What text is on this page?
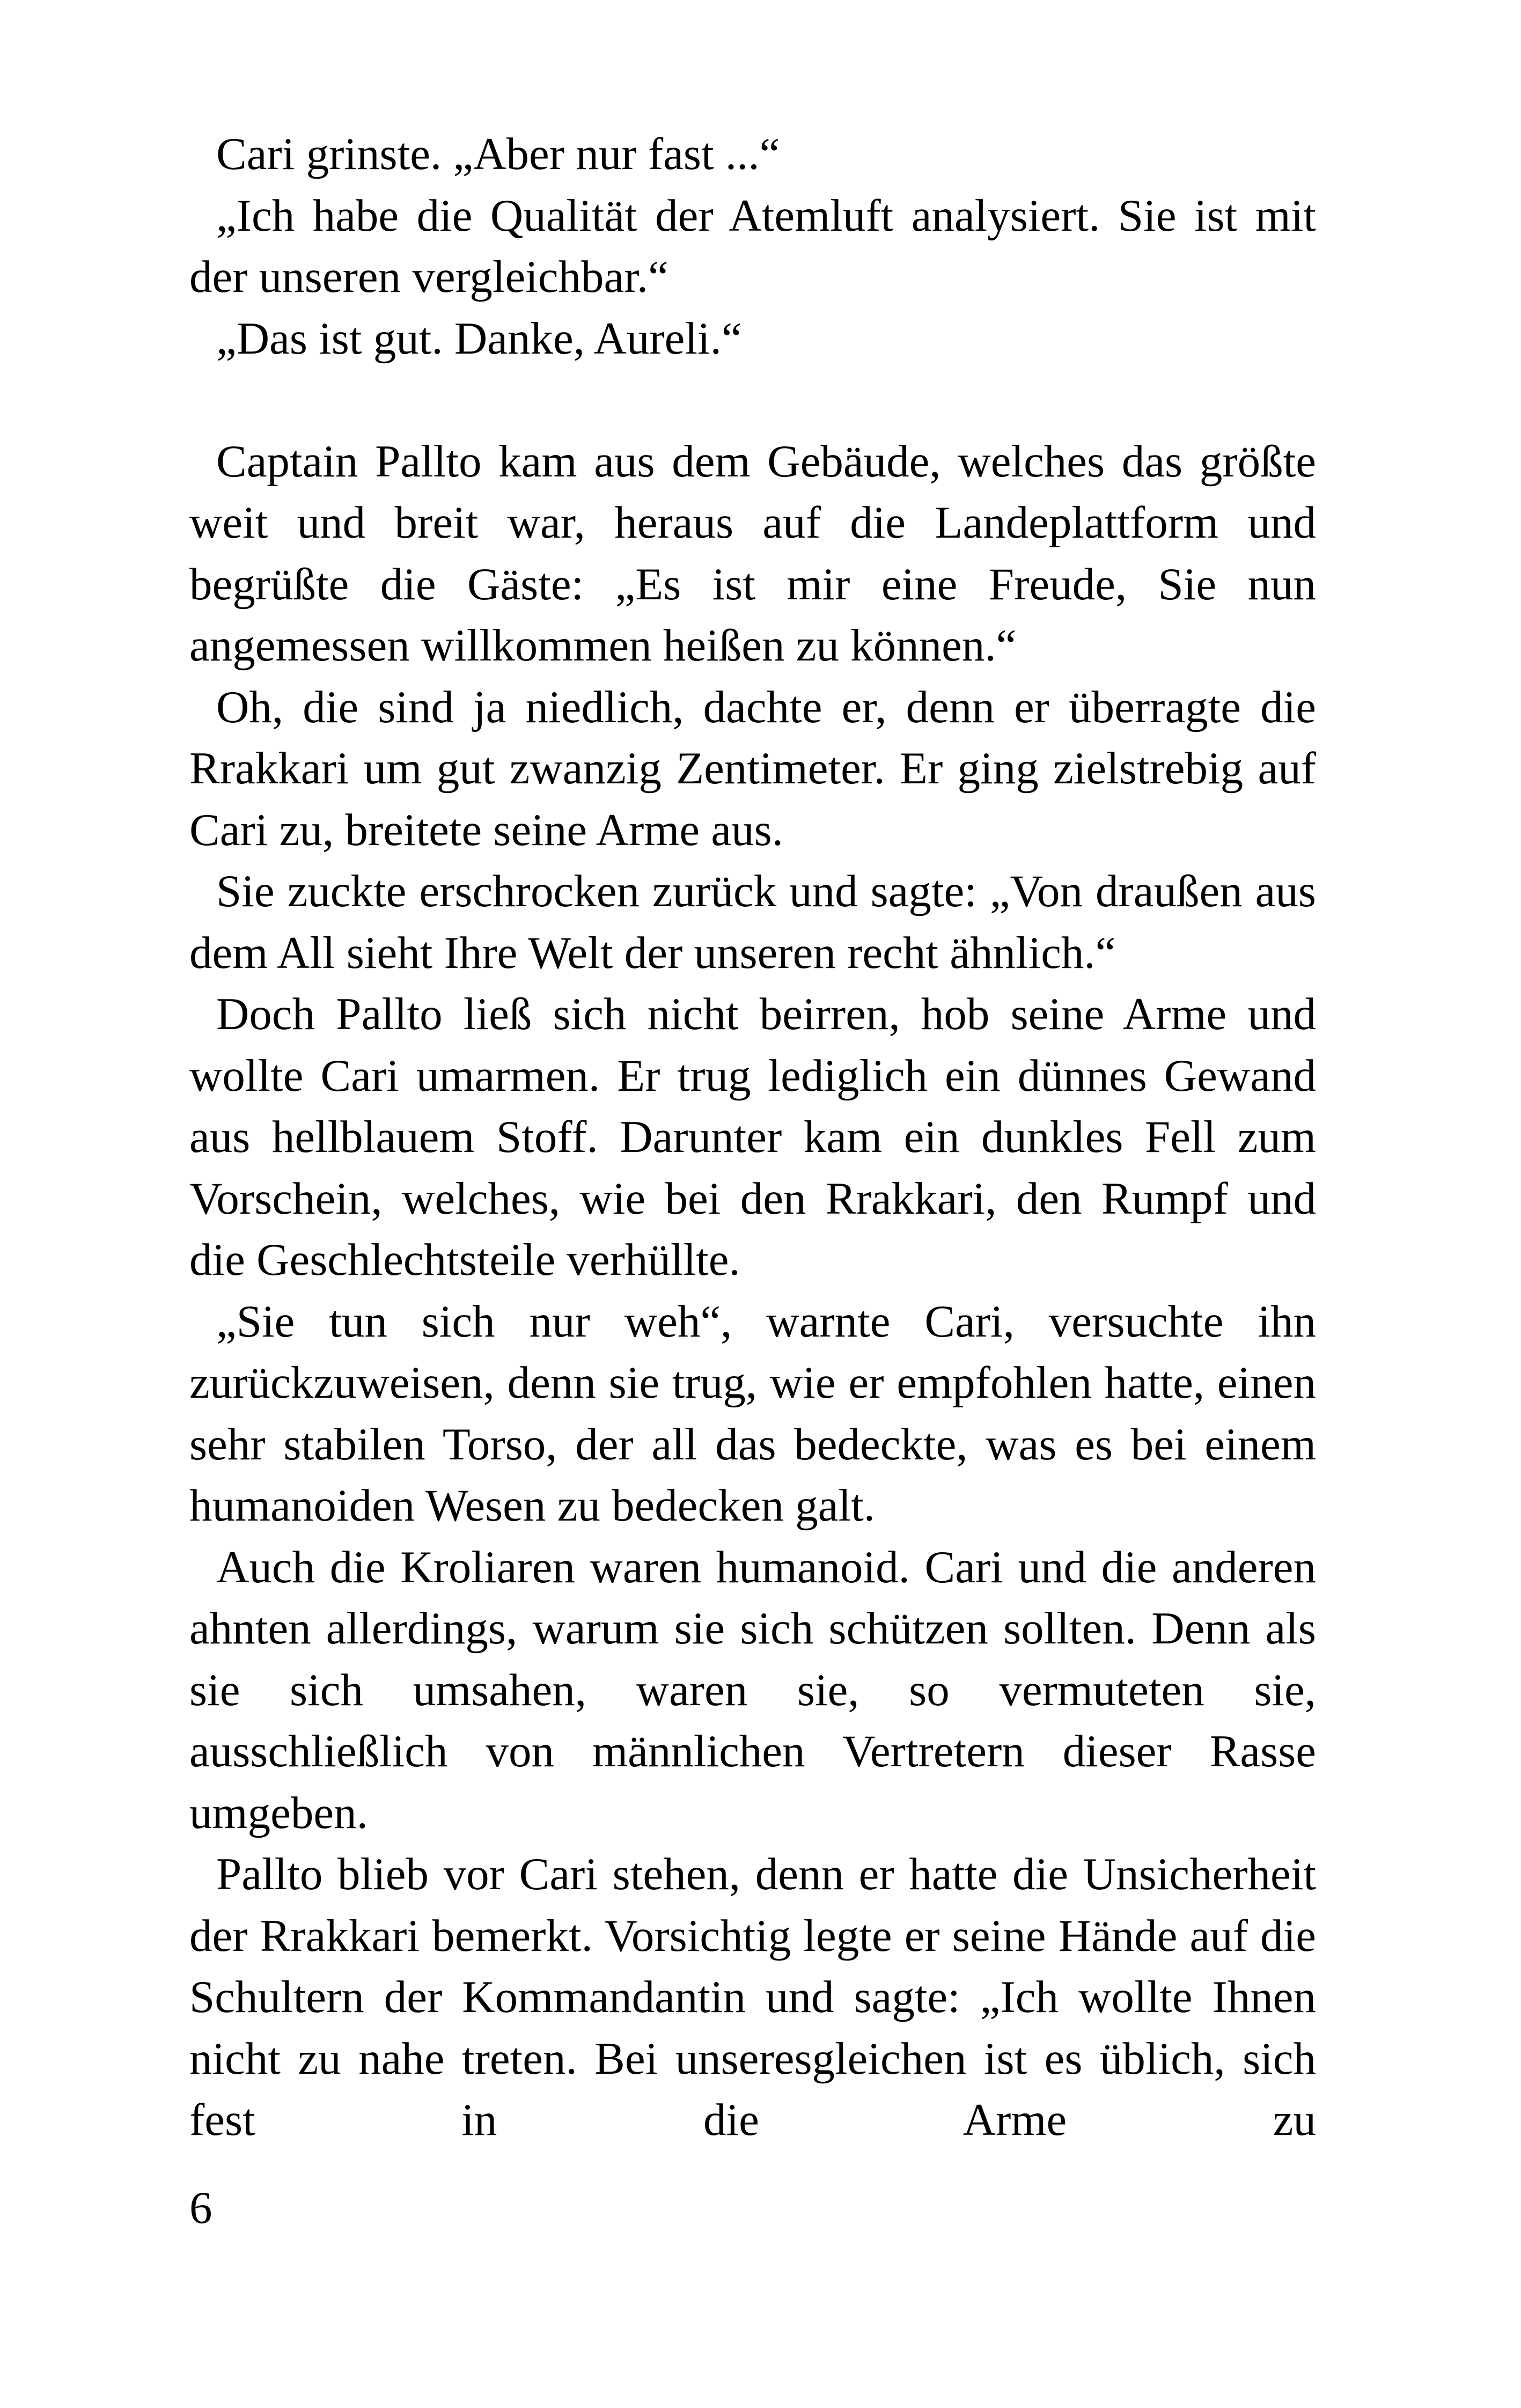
Cari grinste. „Aber nur fast ...“

„Ich habe die Qualität der Atemluft analysiert. Sie ist mit der unseren vergleichbar.“

„Das ist gut. Danke, Aureli.“

Captain Pallto kam aus dem Gebäude, welches das größte weit und breit war, heraus auf die Landeplattform und begrüßte die Gäste: „Es ist mir eine Freude, Sie nun angemessen willkommen heißen zu können.“

Oh, die sind ja niedlich, dachte er, denn er überragte die Rrakkari um gut zwanzig Zentimeter. Er ging zielstrebig auf Cari zu, breitete seine Arme aus.

Sie zuckte erschrocken zurück und sagte: „Von draußen aus dem All sieht Ihre Welt der unseren recht ähnlich.“

Doch Pallto ließ sich nicht beirren, hob seine Arme und wollte Cari umarmen. Er trug lediglich ein dünnes Gewand aus hellblauem Stoff. Darunter kam ein dunkles Fell zum Vorschein, welches, wie bei den Rrakkari, den Rumpf und die Geschlechtsteile verhüllte.

„Sie tun sich nur weh“, warnte Cari, versuchte ihn zurückzuweisen, denn sie trug, wie er empfohlen hatte, einen sehr stabilen Torso, der all das bedeckte, was es bei einem humanoiden Wesen zu bedecken galt.

Auch die Kroliaren waren humanoid. Cari und die anderen ahnten allerdings, warum sie sich schützen sollten. Denn als sie sich umsahen, waren sie, so vermuteten sie, ausschließlich von männlichen Vertretern dieser Rasse umgeben.

Pallto blieb vor Cari stehen, denn er hatte die Unsicherheit der Rrakkari bemerkt. Vorsichtig legte er seine Hände auf die Schultern der Kommandantin und sagte: „Ich wollte Ihnen nicht zu nahe treten. Bei unseresgleichen ist es üblich, sich fest in die Arme zu

6
